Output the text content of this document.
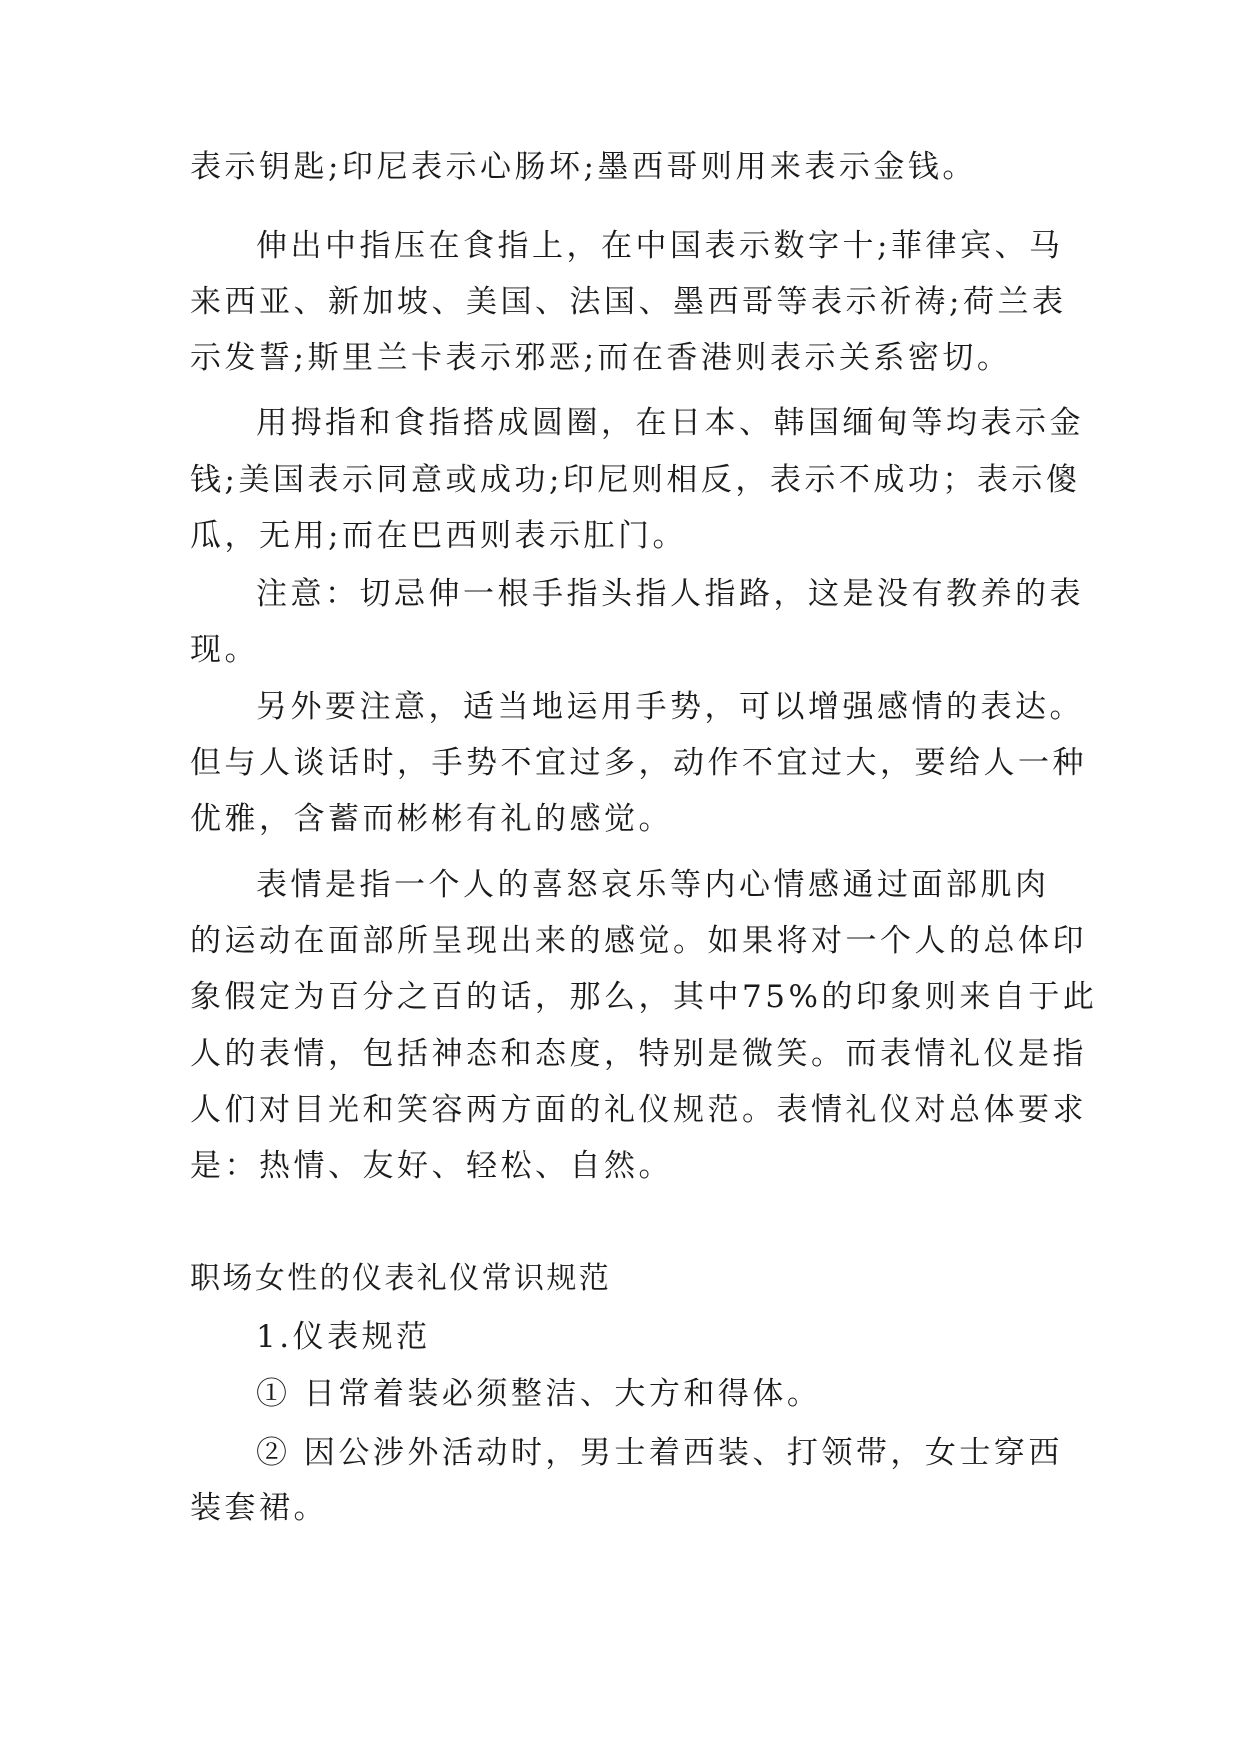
表示钥匙;印尼表示心肠坏;墨西哥则用来表示金钱。
伸出中指压在食指上，在中国表示数字十;菲律宾、马
来西亚、新加坡、美国、法国、墨西哥等表示祈祷;荷兰表
示发誓;斯里兰卡表示邪恶;而在香港则表示关系密切。
用拇指和食指搭成圆圈，在日本、韩国缅甸等均表示金
钱;美国表示同意或成功;印尼则相反，表示不成功；表示傻
瓜，无用;而在巴西则表示肛门。
注意：切忌伸一根手指头指人指路，这是没有教养的表
现。
另外要注意，适当地运用手势，可以增强感情的表达。
但与人谈话时，手势不宜过多，动作不宜过大，要给人一种
优雅，含蓄而彬彬有礼的感觉。
表情是指一个人的喜怒哀乐等内心情感通过面部肌肉
的运动在面部所呈现出来的感觉。如果将对一个人的总体印
象假定为百分之百的话，那么，其中75%的印象则来自于此
人的表情，包括神态和态度，特别是微笑。而表情礼仪是指
人们对目光和笑容两方面的礼仪规范。表情礼仪对总体要求
是：热情、友好、轻松、自然。
职场女性的仪表礼仪常识规范
1.仪表规范
① 日常着装必须整洁、大方和得体。
② 因公涉外活动时，男士着西装、打领带，女士穿西
装套裙。
